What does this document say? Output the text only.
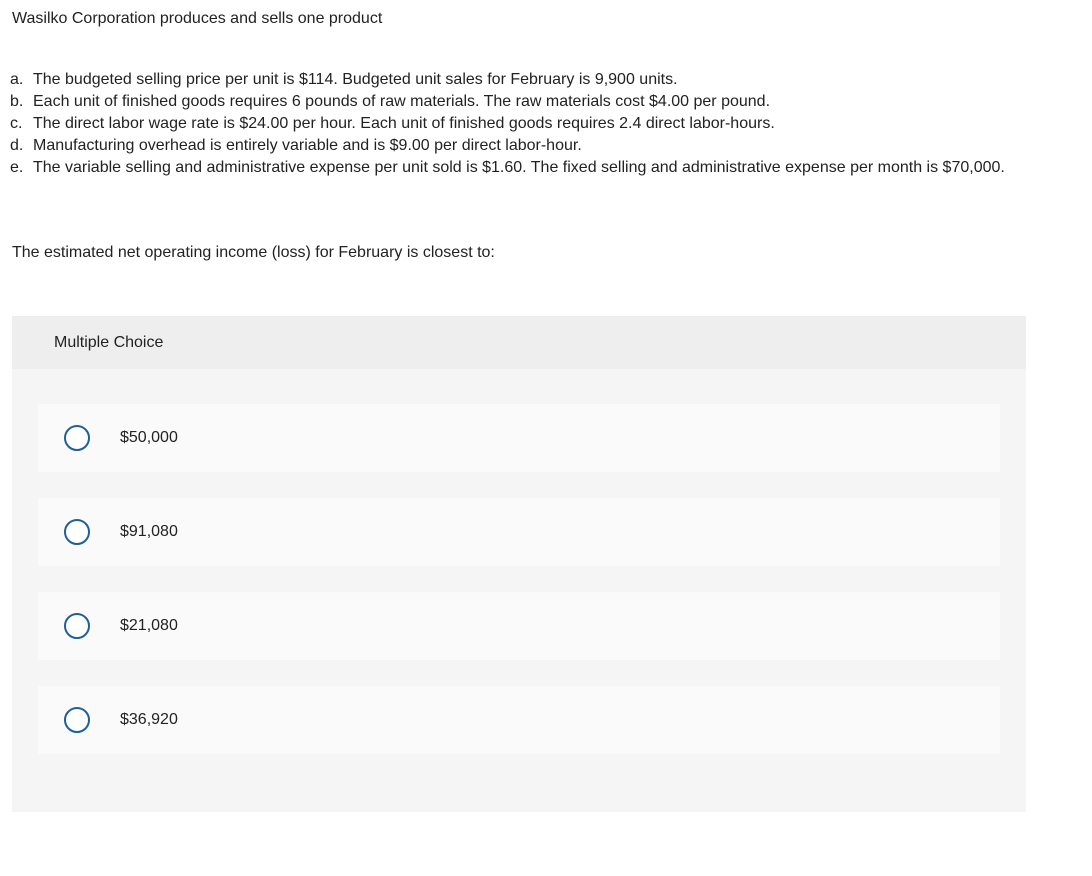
Wasilko Corporation produces and sells one product

a. The budgeted selling price per unit is $114. Budgeted unit sales for February is 9,900 units.
b. Each unit of finished goods requires 6 pounds of raw materials. The raw materials cost $4.00 per pound.
c. The direct labor wage rate is $24.00 per hour. Each unit of finished goods requires 2.4 direct labor-hours.
d. Manufacturing overhead is entirely variable and is $9.00 per direct labor-hour.
e. The variable selling and administrative expense per unit sold is $1.60. The fixed selling and administrative expense per month is $70,000.

The estimated net operating income (loss) for February is closest to:

Multiple Choice
$50,000
$91,080
$21,080
$36,920
